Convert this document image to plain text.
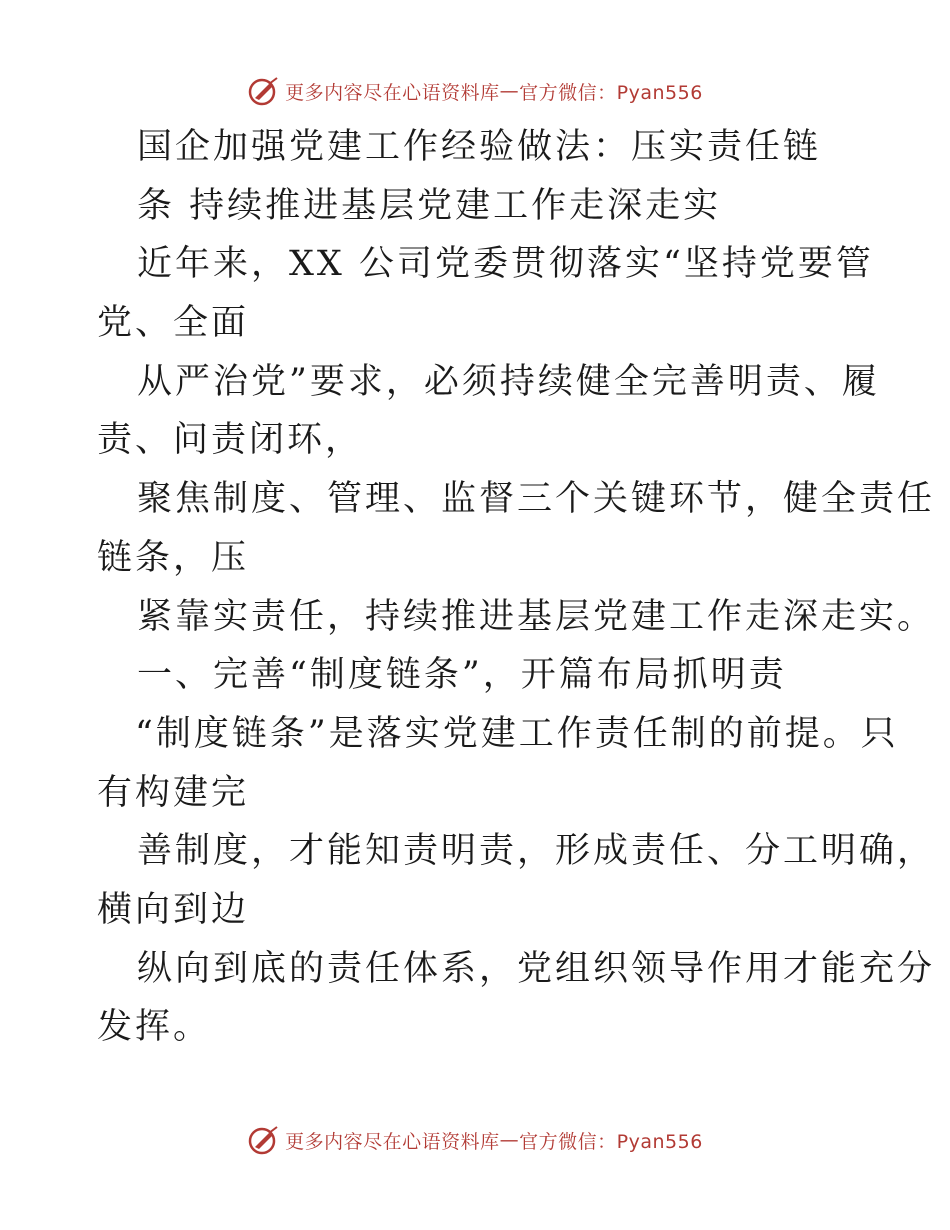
更多内容尽在心语资料库 — 官方微信：Pyan556
国企加强党建工作经验做法：压实责任链
条 持续推进基层党建工作走深走实
近年来，XX 公司党委贯彻落实“坚持党要管
党、全面
从严治党”要求，必须持续健全完善明责、履
责、问责闭环，
聚焦制度、管理、监督三个关键环节，健全责任
链条，压
紧靠实责任，持续推进基层党建工作走深走实。
一、完善“制度链条”，开篇布局抓明责
“制度链条”是落实党建工作责任制的前提。只
有构建完
善制度，才能知责明责，形成责任、分工明确，
横向到边
纵向到底的责任体系，党组织领导作用才能充分
发挥。
更多内容尽在心语资料库 — 官方微信：Pyan556
